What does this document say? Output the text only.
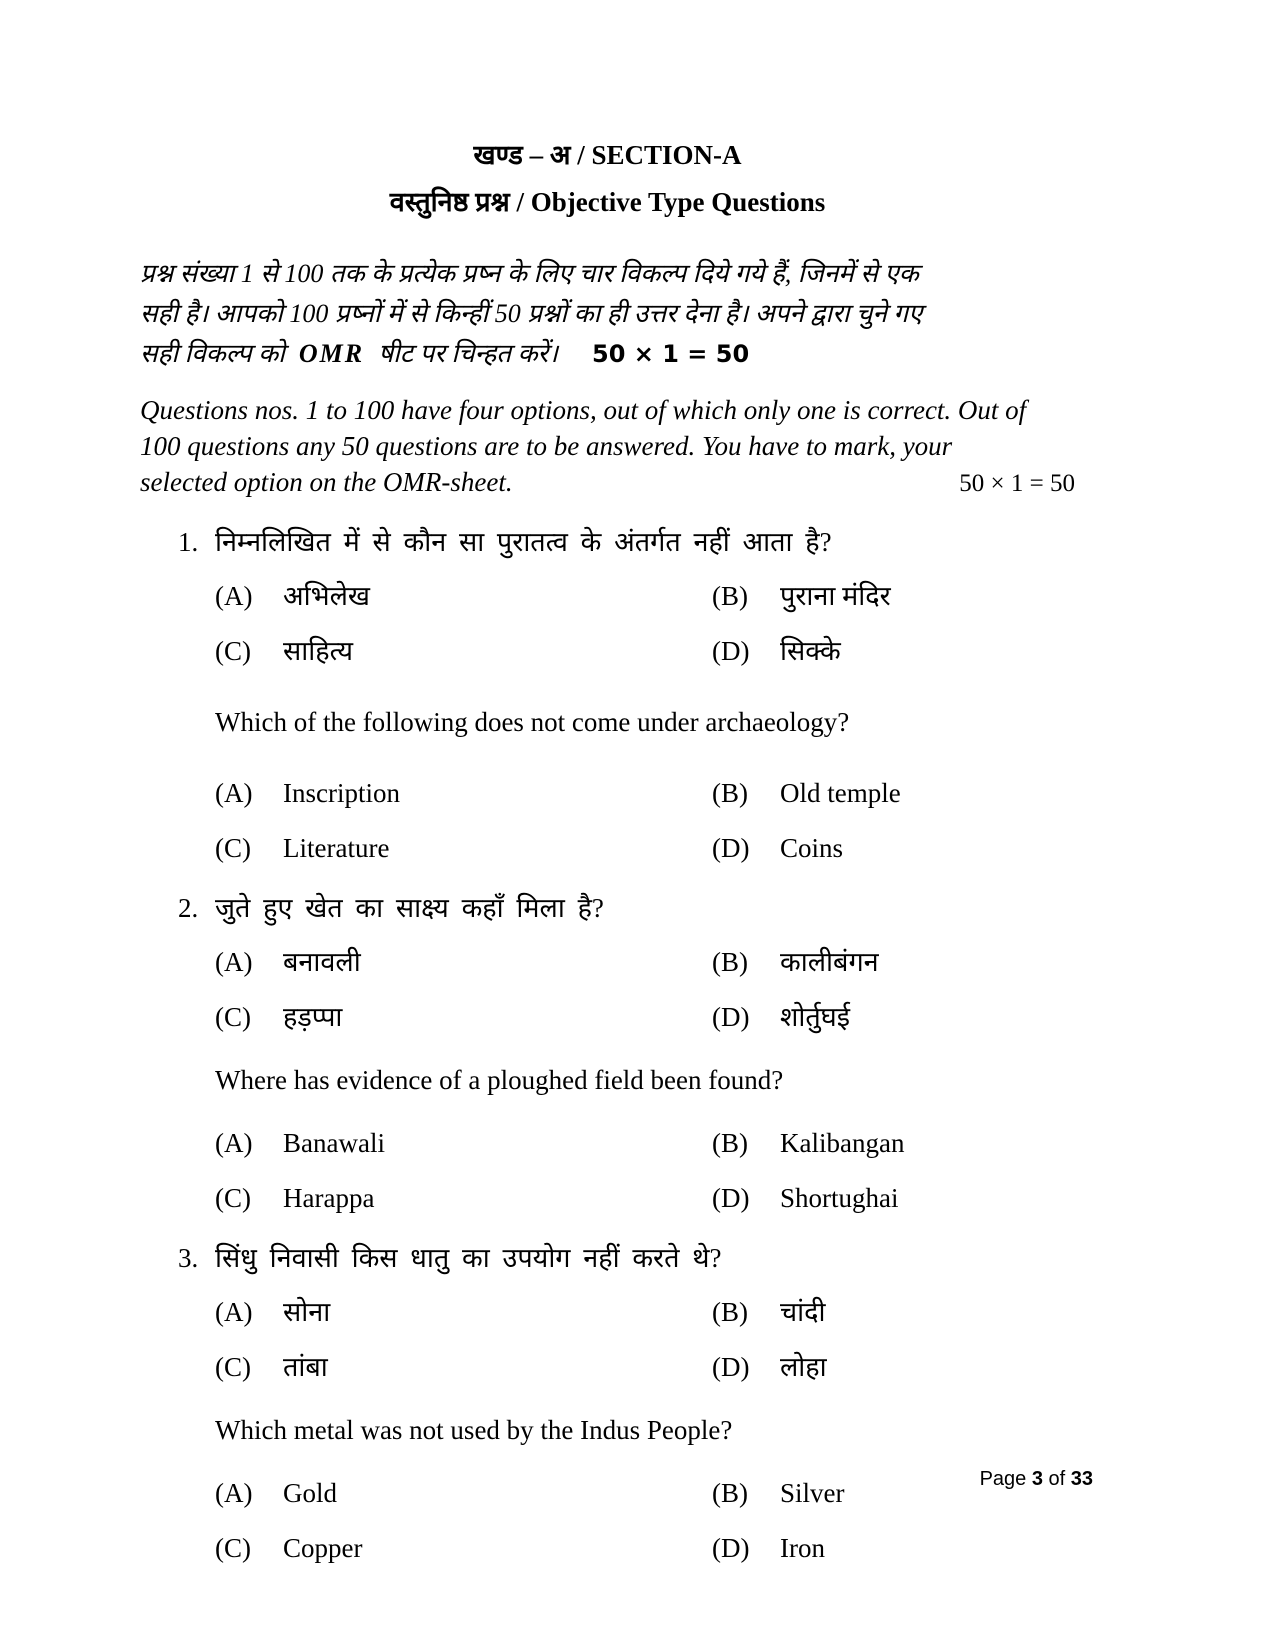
खण्ड – अ / SECTION-A
वस्तुनिष्ठ प्रश्न / Objective Type Questions
प्रश्न संख्या 1 से 100 तक के प्रत्येक प्रष्न के लिए चार विकल्प दिये गये हैं, जिनमें से एक
सही है। आपको 100 प्रष्नों में से किन्हीं 50 प्रश्नों का ही उत्तर देना है। अपने द्वारा चुने गए
सही विकल्प को OMR षीट पर चिन्हत करें। 50 × 1 = 50
Questions nos. 1 to 100 have four options, out of which only one is correct. Out of
100 questions any 50 questions are to be answered. You have to mark, your
selected option on the OMR-sheet.	50 × 1 = 50
1. निम्नलिखित में से कौन सा पुरातत्व के अंतर्गत नहीं आता है?
(A)	अभिलेख	(B)	पुराना मंदिर
(C)	साहित्य	(D)	सिक्के
Which of the following does not come under archaeology?
(A)	Inscription	(B)	Old temple
(C)	Literature	(D)	Coins
2. जुते हुए खेत का साक्ष्य कहाँ मिला है?
(A)	बनावली	(B)	कालीबंगन
(C)	हड़प्पा	(D)	शोर्तुघई
Where has evidence of a ploughed field been found?
(A)	Banawali	(B)	Kalibangan
(C)	Harappa	(D)	Shortughai
3. सिंधु निवासी किस धातु का उपयोग नहीं करते थे?
(A)	सोना	(B)	चांदी
(C)	तांबा	(D)	लोहा
Which metal was not used by the Indus People?
(A)	Gold	(B)	Silver
(C)	Copper	(D)	Iron
Page 3 of 33
